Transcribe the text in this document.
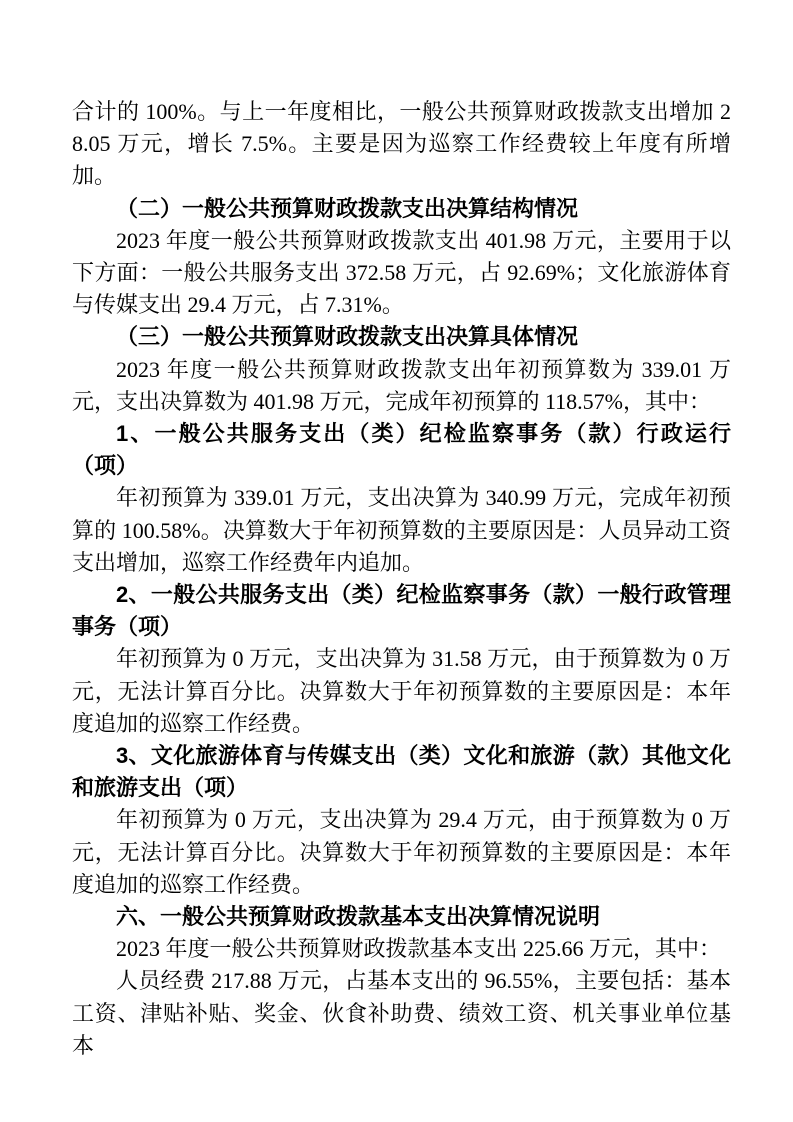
合计的 100%。与上一年度相比，一般公共预算财政拨款支出增加 28.05 万元，增长 7.5%。主要是因为巡察工作经费较上年度有所增加。

（二）一般公共预算财政拨款支出决算结构情况

2023 年度一般公共预算财政拨款支出 401.98 万元，主要用于以下方面：一般公共服务支出 372.58 万元，占 92.69%；文化旅游体育与传媒支出 29.4 万元，占 7.31%。

（三）一般公共预算财政拨款支出决算具体情况

2023 年度一般公共预算财政拨款支出年初预算数为 339.01 万元，支出决算数为 401.98 万元，完成年初预算的 118.57%，其中：

1、一般公共服务支出（类）纪检监察事务（款）行政运行（项）

年初预算为 339.01 万元，支出决算为 340.99 万元，完成年初预算的 100.58%。决算数大于年初预算数的主要原因是：人员异动工资支出增加，巡察工作经费年内追加。

2、一般公共服务支出（类）纪检监察事务（款）一般行政管理事务（项）

年初预算为 0 万元，支出决算为 31.58 万元，由于预算数为 0 万元，无法计算百分比。决算数大于年初预算数的主要原因是：本年度追加的巡察工作经费。

3、文化旅游体育与传媒支出（类）文化和旅游（款）其他文化和旅游支出（项）

年初预算为 0 万元，支出决算为 29.4 万元，由于预算数为 0 万元，无法计算百分比。决算数大于年初预算数的主要原因是：本年度追加的巡察工作经费。

六、一般公共预算财政拨款基本支出决算情况说明

2023 年度一般公共预算财政拨款基本支出 225.66 万元，其中：

人员经费 217.88 万元，占基本支出的 96.55%，主要包括：基本工资、津贴补贴、奖金、伙食补助费、绩效工资、机关事业单位基本
